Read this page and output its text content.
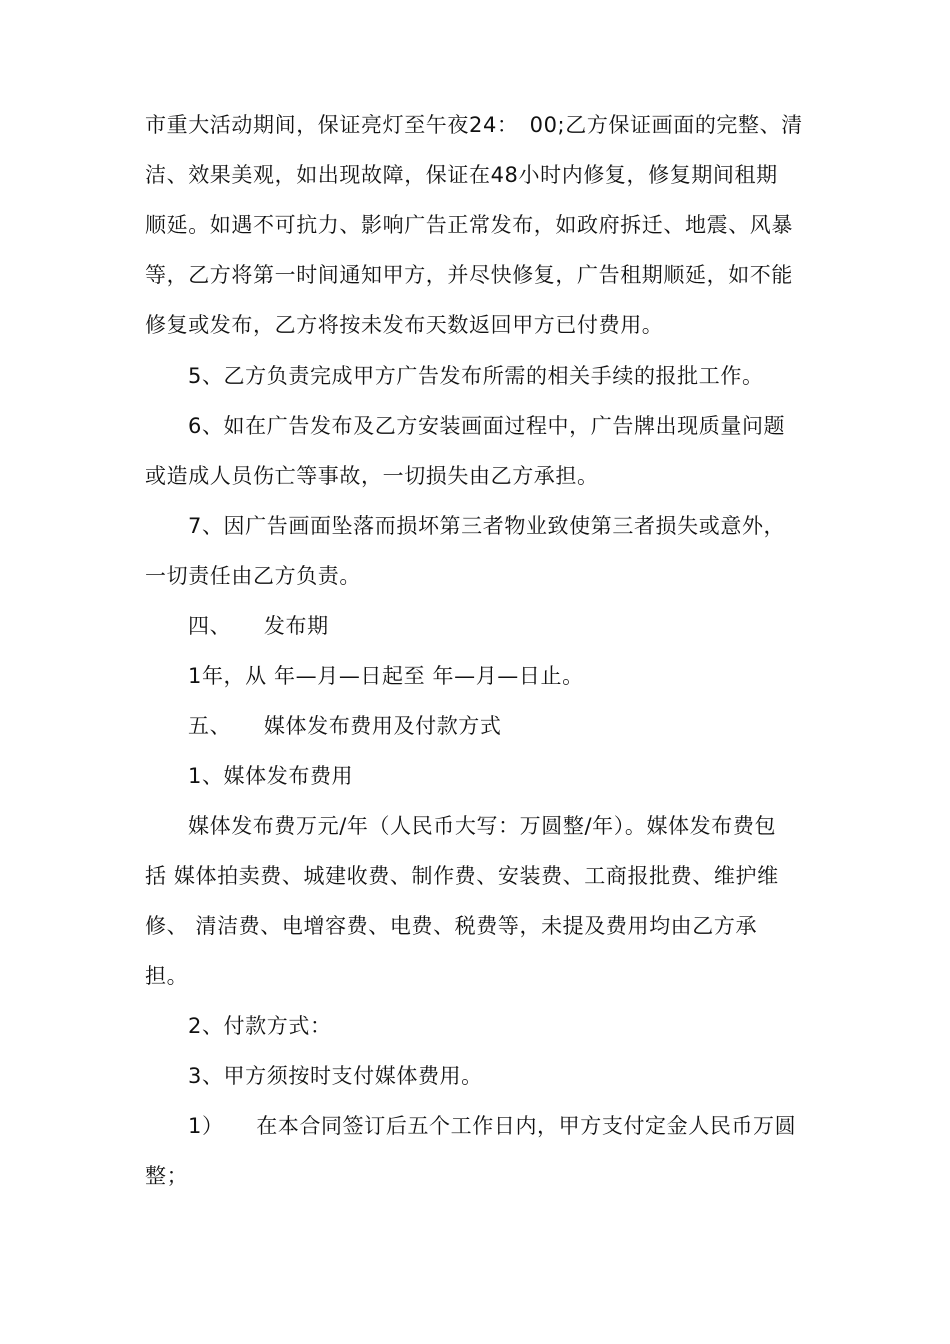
市重大活动期间，保证亮灯至午夜24：　00;乙方保证画面的完整、清
洁、效果美观，如出现故障，保证在48小时内修复，修复期间租期
顺延。如遇不可抗力、影响广告正常发布，如政府拆迁、地震、风暴
等，乙方将第一时间通知甲方，并尽快修复，广告租期顺延，如不能
修复或发布，乙方将按未发布天数返回甲方已付费用。
5、乙方负责完成甲方广告发布所需的相关手续的报批工作。
6、如在广告发布及乙方安装画面过程中，广告牌出现质量问题
或造成人员伤亡等事故，一切损失由乙方承担。
7、因广告画面坠落而损坏第三者物业致使第三者损失或意外，
一切责任由乙方负责。
四、　　发布期
1年，从 年—月—日起至 年—月—日止。
五、　　媒体发布费用及付款方式
1、媒体发布费用
媒体发布费万元/年（人民币大写：万圆整/年）。媒体发布费包
括 媒体拍卖费、城建收费、制作费、安装费、工商报批费、维护维
修、 清洁费、电增容费、电费、税费等，未提及费用均由乙方承
担。
2、付款方式：
3、甲方须按时支付媒体费用。
1）　　在本合同签订后五个工作日内，甲方支付定金人民币万圆
整；
